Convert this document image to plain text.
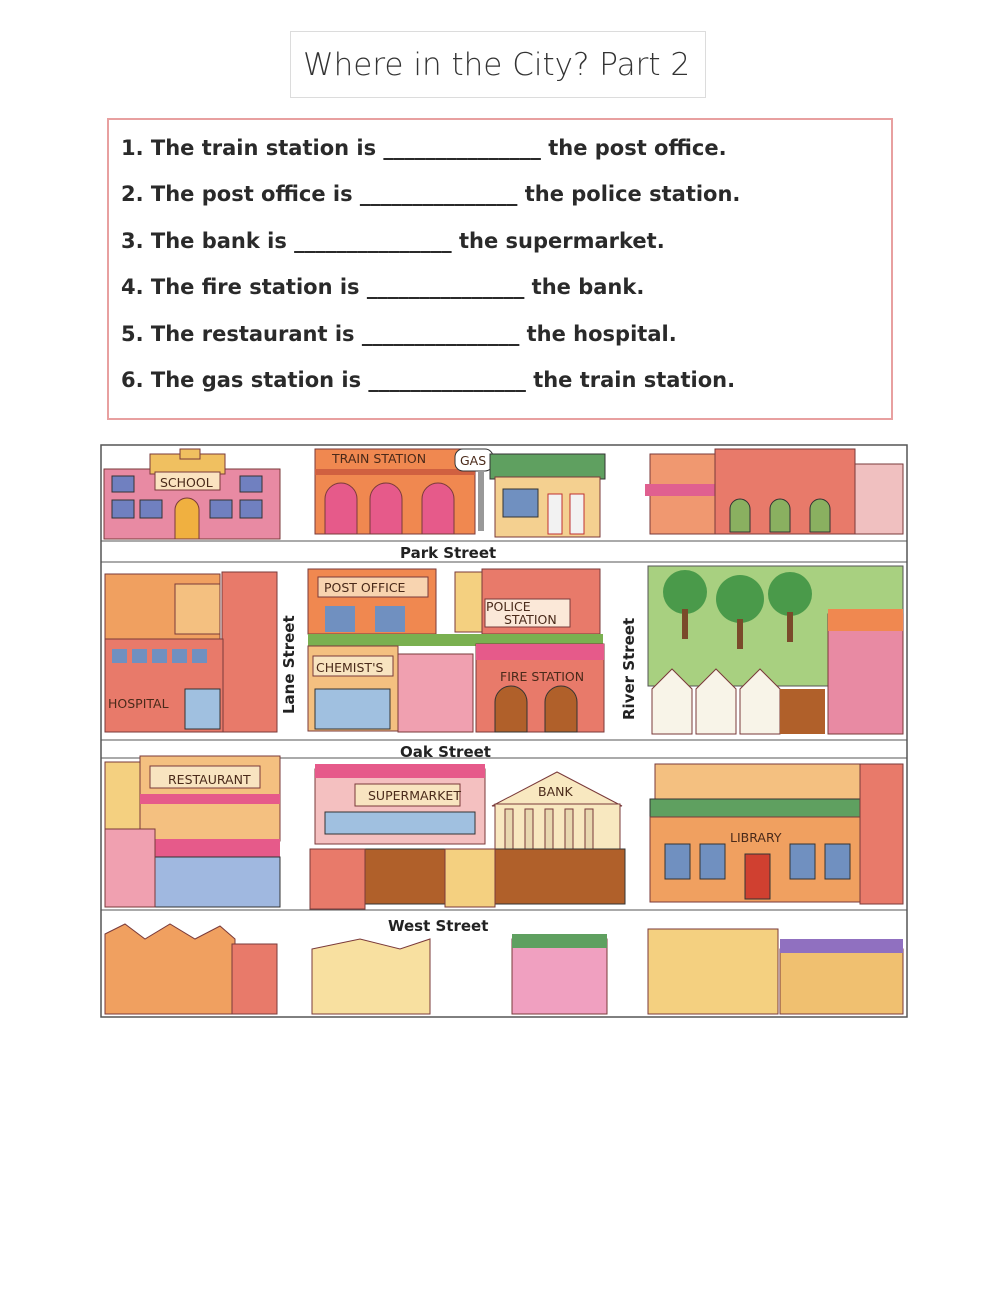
Where in the City? Part 2
1. The train station is _______________ the post office.
2. The post office is _______________ the police station.
3. The bank is _______________ the supermarket.
4. The fire station is _______________ the bank.
5. The restaurant is _______________ the hospital.
6. The gas station is _______________ the train station.
SCHOOL
TRAIN STATION	GAS
Park Street
HOSPITAL	Lane Street
POST OFFICE
POLICE
STATION
CHEMIST'S
FIRE STATION River Street
Oak Street
RESTAURANT
SUPERMARKET	BANK
LIBRARY
West Street
